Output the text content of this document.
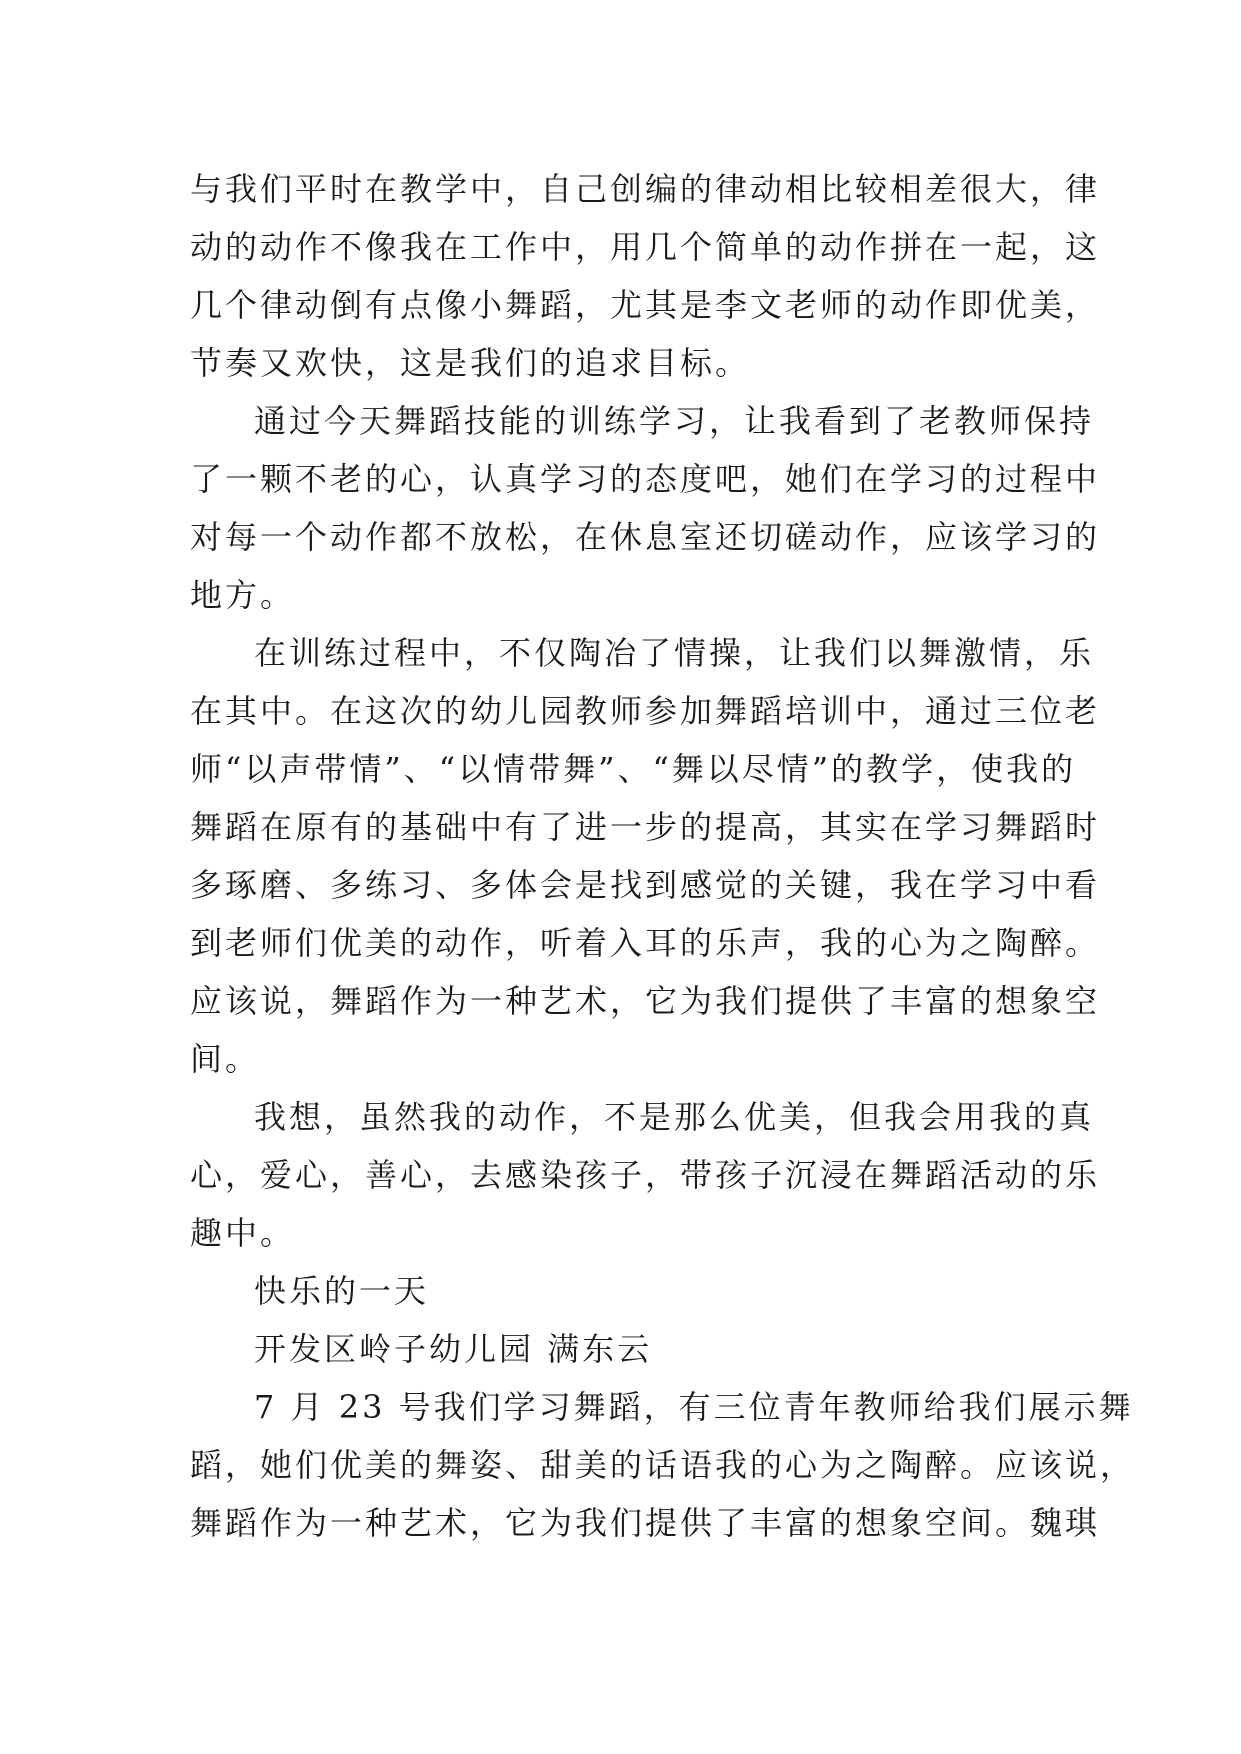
与我们平时在教学中，自己创编的律动相比较相差很大，律
动的动作不像我在工作中，用几个简单的动作拼在一起，这
几个律动倒有点像小舞蹈，尤其是李文老师的动作即优美，
节奏又欢快，这是我们的追求目标。
通过今天舞蹈技能的训练学习，让我看到了老教师保持
了一颗不老的心，认真学习的态度吧，她们在学习的过程中
对每一个动作都不放松，在休息室还切磋动作，应该学习的
地方。
在训练过程中，不仅陶冶了情操，让我们以舞激情，乐
在其中。在这次的幼儿园教师参加舞蹈培训中，通过三位老
师“以声带情”、“以情带舞”、“舞以尽情”的教学，使我的
舞蹈在原有的基础中有了进一步的提高，其实在学习舞蹈时
多琢磨、多练习、多体会是找到感觉的关键，我在学习中看
到老师们优美的动作，听着入耳的乐声，我的心为之陶醉。
应该说，舞蹈作为一种艺术，它为我们提供了丰富的想象空
间。
我想，虽然我的动作，不是那么优美，但我会用我的真
心，爱心，善心，去感染孩子，带孩子沉浸在舞蹈活动的乐
趣中。
快乐的一天
开发区岭子幼儿园 满东云
7 月 23 号我们学习舞蹈，有三位青年教师给我们展示舞
蹈，她们优美的舞姿、甜美的话语我的心为之陶醉。应该说，
舞蹈作为一种艺术，它为我们提供了丰富的想象空间。魏琪
